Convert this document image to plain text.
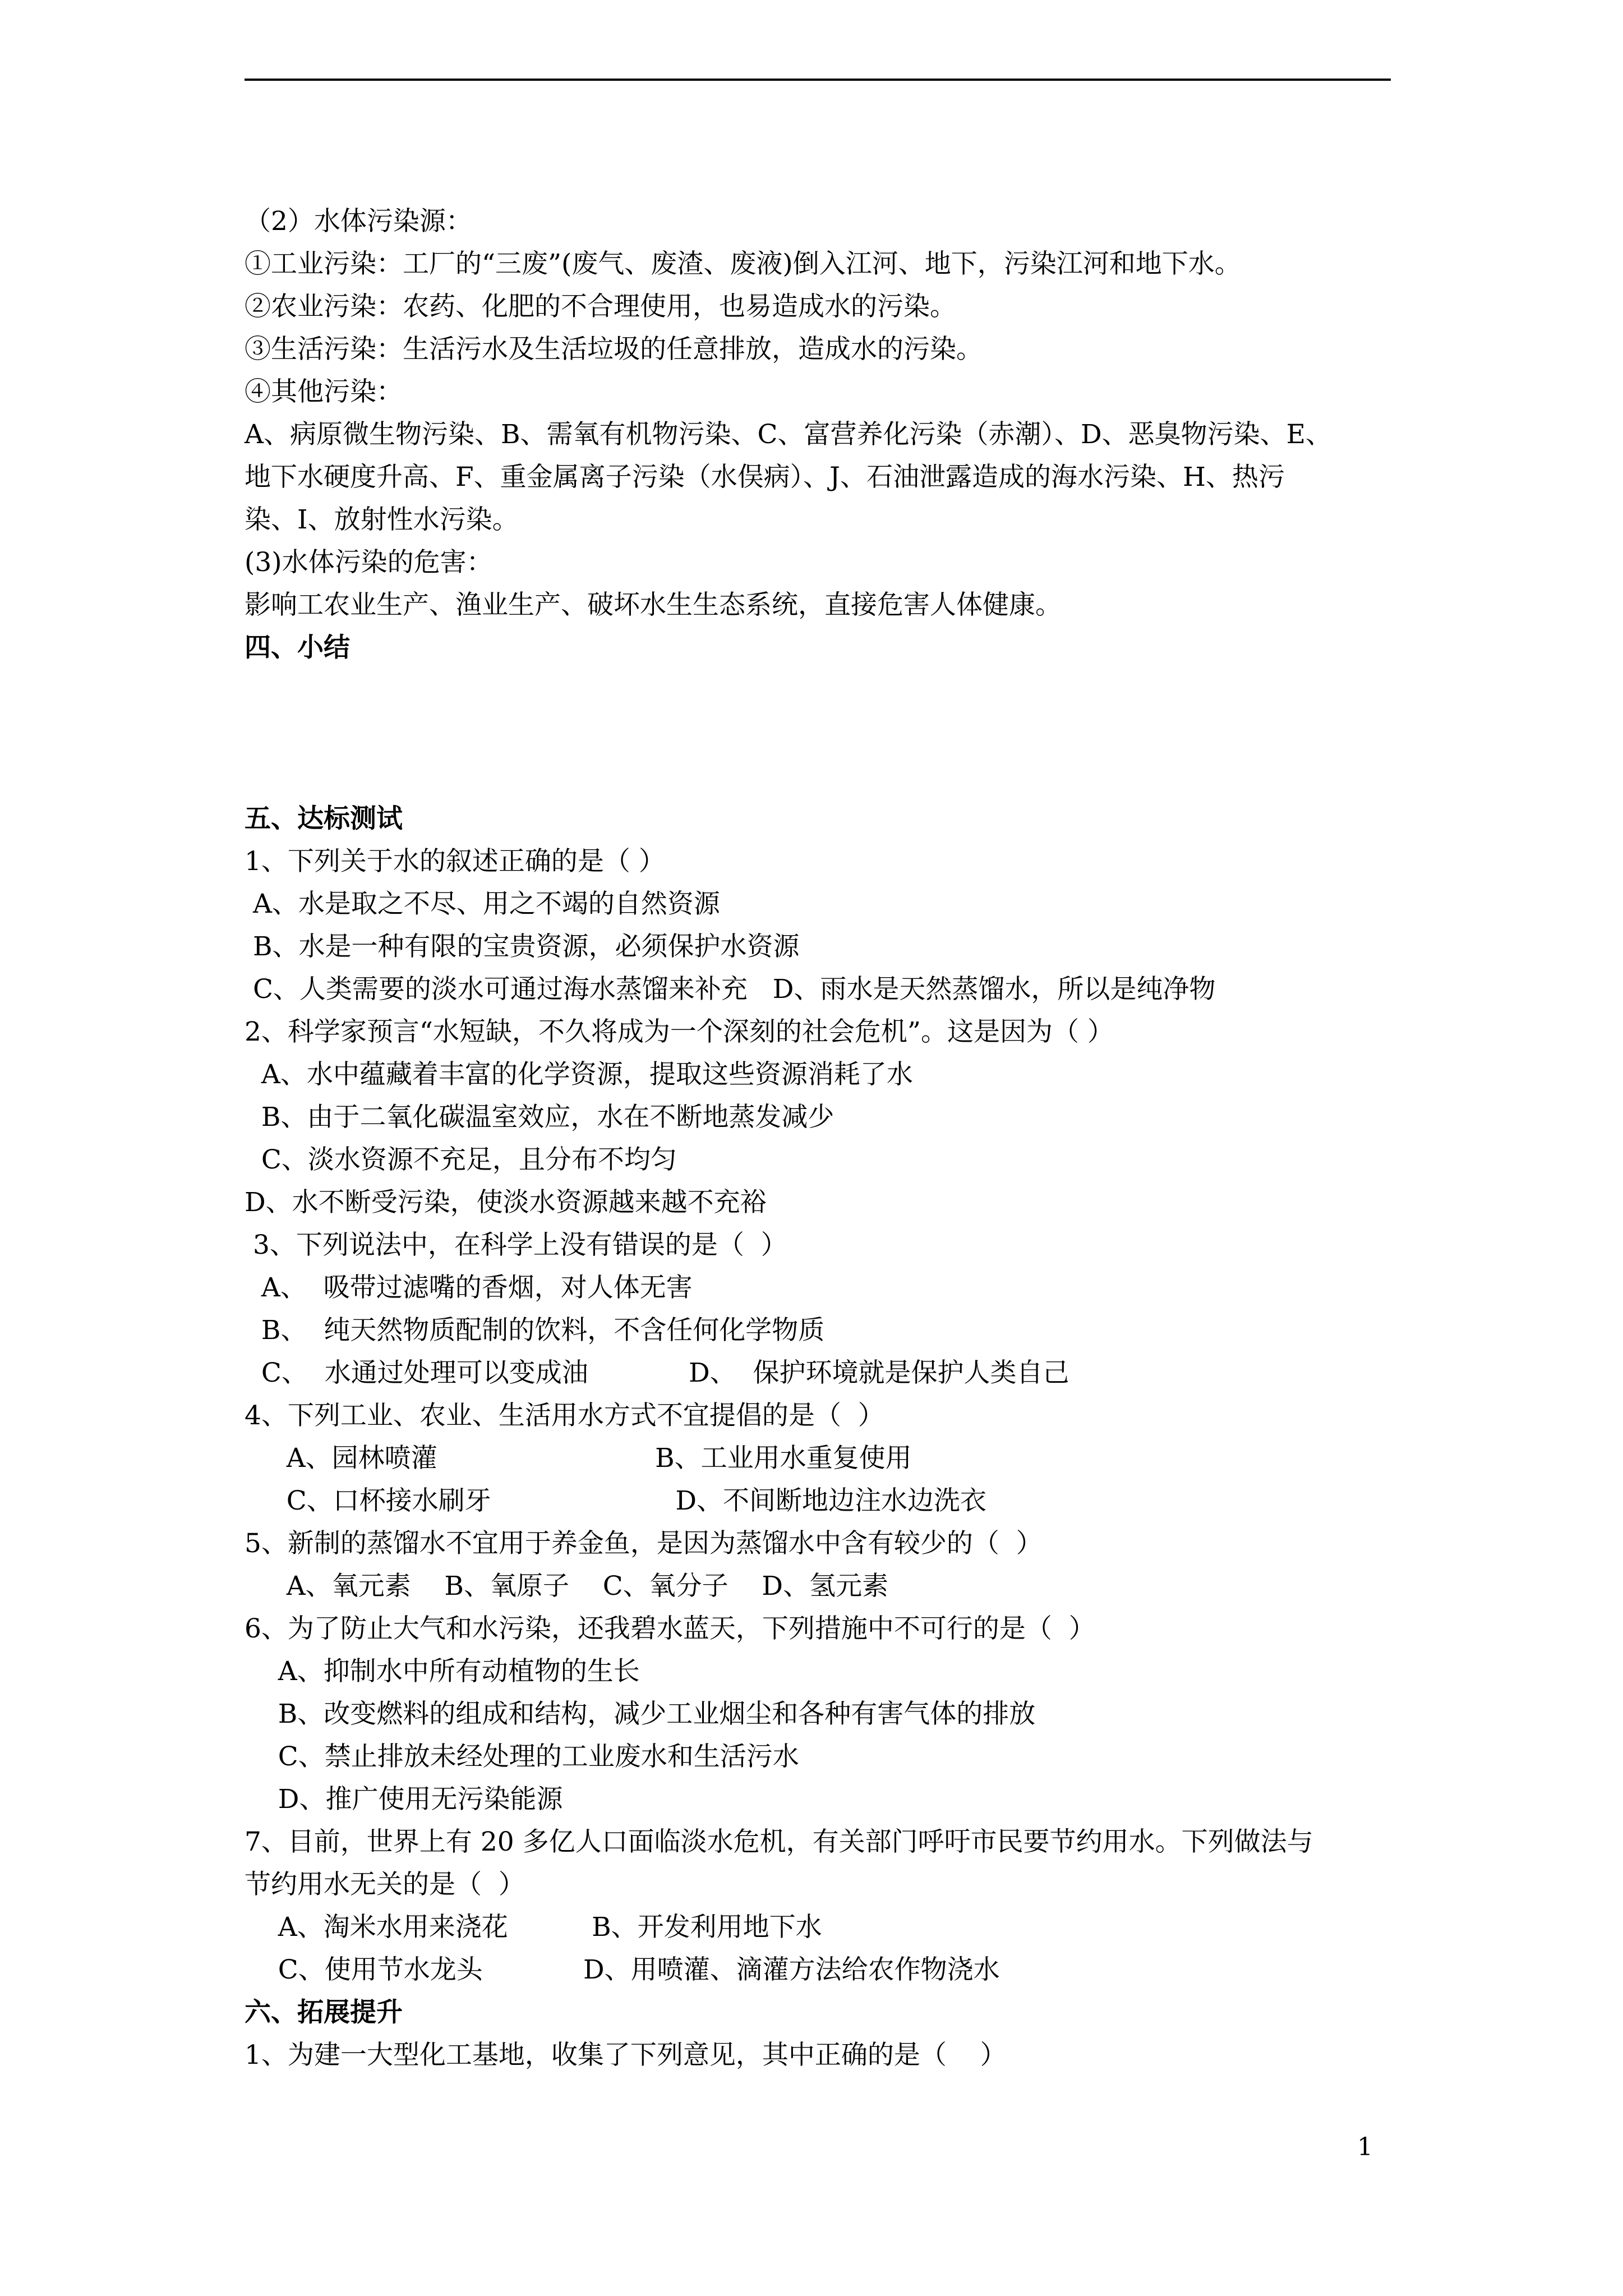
（2）水体污染源：
①工业污染：工厂的“三废”(废气、废渣、废液)倒入江河、地下，污染江河和地下水。
②农业污染：农药、化肥的不合理使用，也易造成水的污染。
③生活污染：生活污水及生活垃圾的任意排放，造成水的污染。
④其他污染：
A、病原微生物污染、B、需氧有机物污染、C、富营养化污染（赤潮）、D、恶臭物污染、E、
地下水硬度升高、F、重金属离子污染（水俣病）、J、石油泄露造成的海水污染、H、热污
染、I、放射性水污染。
(3)水体污染的危害：
影响工农业生产、渔业生产、破坏水生生态系统，直接危害人体健康。
四、小结
五、达标测试
1、下列关于水的叙述正确的是（ ）
A、水是取之不尽、用之不竭的自然资源
B、水是一种有限的宝贵资源，必须保护水资源
C、人类需要的淡水可通过海水蒸馏来补充   D、雨水是天然蒸馏水，所以是纯净物
2、科学家预言“水短缺，不久将成为一个深刻的社会危机”。这是因为（ ）
A、水中蕴藏着丰富的化学资源，提取这些资源消耗了水
B、由于二氧化碳温室效应，水在不断地蒸发减少
C、淡水资源不充足，且分布不均匀
D、水不断受污染，使淡水资源越来越不充裕
3、下列说法中，在科学上没有错误的是（  ）
A、  吸带过滤嘴的香烟，对人体无害
B、  纯天然物质配制的饮料，不含任何化学物质
C、  水通过处理可以变成油            D、  保护环境就是保护人类自己
4、下列工业、农业、生活用水方式不宜提倡的是（  ）
A、园林喷灌                          B、工业用水重复使用
C、口杯接水刷牙                      D、不间断地边注水边洗衣
5、新制的蒸馏水不宜用于养金鱼，是因为蒸馏水中含有较少的（  ）
A、氧元素    B、氧原子    C、氧分子    D、氢元素
6、为了防止大气和水污染，还我碧水蓝天，下列措施中不可行的是（  ）
A、抑制水中所有动植物的生长
B、改变燃料的组成和结构，减少工业烟尘和各种有害气体的排放
C、禁止排放未经处理的工业废水和生活污水
D、推广使用无污染能源
7、目前，世界上有 20 多亿人口面临淡水危机，有关部门呼吁市民要节约用水。下列做法与
节约用水无关的是（  ）
A、淘米水用来浇花          B、开发利用地下水
C、使用节水龙头            D、用喷灌、滴灌方法给农作物浇水
六、拓展提升
1、为建一大型化工基地，收集了下列意见，其中正确的是（    ）
1
